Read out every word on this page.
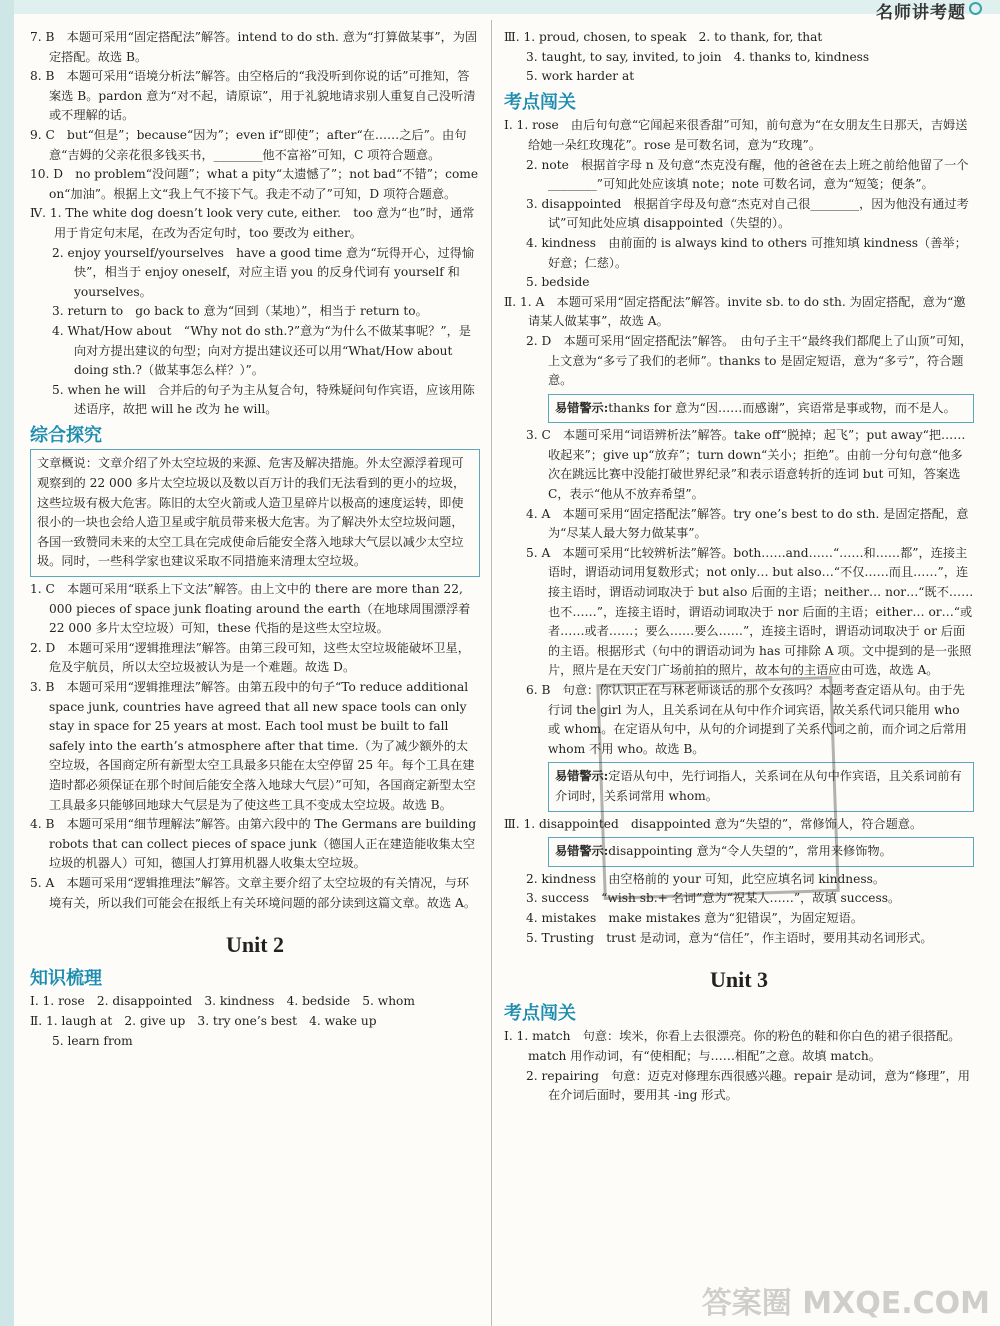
名师讲考题

7. B　本题可采用“固定搭配法”解答。intend to do sth. 意为“打算做某事”，为固定搭配。故选 B。

8. B　本题可采用“语境分析法”解答。由空格后的“我没听到你说的话”可推知，答案选 B。pardon 意为“对不起，请原谅”，用于礼貌地请求别人重复自己没听清或不理解的话。

9. C　but“但是”；because“因为”；even if“即使”；after“在……之后”。由句意“吉姆的父亲花很多钱买书，________他不富裕”可知，C 项符合题意。

10. D　no problem“没问题”；what a pity“太遗憾了”；not bad“不错”；come on“加油”。根据上文“我上气不接下气。我走不动了”可知，D 项符合题意。

Ⅳ. 1. The white dog doesn’t look very cute, either.　too 意为“也”时，通常用于肯定句末尾，在改为否定句时，too 要改为 either。

2. enjoy yourself/yourselves　have a good time 意为“玩得开心，过得愉快”，相当于 enjoy oneself，对应主语 you 的反身代词有 yourself 和 yourselves。

3. return to　go back to 意为“回到（某地）”，相当于 return to。

4. What/How about　“Why not do sth.?”意为“为什么不做某事呢？”，是向对方提出建议的句型；向对方提出建议还可以用“What/How about doing sth.?（做某事怎么样？）”。

5. when he will　合并后的句子为主从复合句，特殊疑问句作宾语，应该用陈述语序，故把 will he 改为 he will。

综合探究
文章概说：文章介绍了外太空垃圾的来源、危害及解决措施。外太空源浮着现可观察到的 22 000 多片太空垃圾以及数以百万计的我们无法看到的更小的垃圾，这些垃圾有极大危害。陈旧的太空火箭或人造卫星碎片以极高的速度运转，即使很小的一块也会给人造卫星或宇航员带来极大危害。为了解决外太空垃圾问题，各国一致赞同未来的太空工具在完成使命后能安全落入地球大气层以减少太空垃圾。同时，一些科学家也建议采取不同措施来清理太空垃圾。

1. C　本题可采用“联系上下文法”解答。由上文中的 there are more than 22, 000 pieces of space junk floating around the earth（在地球周围漂浮着 22 000 多片太空垃圾）可知，these 代指的是这些太空垃圾。

2. D　本题可采用“逻辑推理法”解答。由第三段可知，这些太空垃圾能破坏卫星，危及宇航员，所以太空垃圾被认为是一个难题。故选 D。

3. B　本题可采用“逻辑推理法”解答。由第五段中的句子“To reduce additional space junk, countries have agreed that all new space tools can only stay in space for 25 years at most. Each tool must be built to fall safely into the earth’s atmosphere after that time.（为了减少额外的太空垃圾，各国商定所有新型太空工具最多只能在太空停留 25 年。每个工具在建造时都必须保证在那个时间后能安全落入地球大气层）”可知，各国商定新型太空工具最多只能够回地球大气层是为了使这些工具不变成太空垃圾。故选 B。

4. B　本题可采用“细节理解法”解答。由第六段中的 The Germans are building robots that can collect pieces of space junk（德国人正在建造能收集太空垃圾的机器人）可知，德国人打算用机器人收集太空垃圾。

5. A　本题可采用“逻辑推理法”解答。文章主要介绍了太空垃圾的有关情况，与环境有关，所以我们可能会在报纸上有关环境问题的部分读到这篇文章。故选 A。

Unit 2
知识梳理

Ⅰ. 1. rose　2. disappointed　3. kindness　4. bedside　5. whom

Ⅱ. 1. laugh at　2. give up　3. try one’s best　4. wake up

5. learn from

Ⅲ. 1. proud, chosen, to speak　2. to thank, for, that

3. taught, to say, invited, to join　4. thanks to, kindness

5. work harder at

考点闯关

Ⅰ. 1. rose　由后句句意“它闻起来很香甜”可知，前句意为“在女朋友生日那天，吉姆送给她一朵红玫瑰花”。rose 是可数名词，意为“玫瑰”。

2. note　根据首字母 n 及句意“杰克没有醒，他的爸爸在去上班之前给他留了一个________”可知此处应该填 note；note 可数名词，意为“短笺；便条”。

3. disappointed　根据首字母及句意“杰克对自己很________，因为他没有通过考试”可知此处应填 disappointed（失望的）。

4. kindness　由前面的 is always kind to others 可推知填 kindness（善举；好意；仁慈）。

5. bedside

Ⅱ. 1. A　本题可采用“固定搭配法”解答。invite sb. to do sth. 为固定搭配，意为“邀请某人做某事”，故选 A。

2. D　本题可采用“固定搭配法”解答。　由句子主干“最终我们都爬上了山顶”可知，上文意为“多亏了我们的老师”。thanks to 是固定短语，意为“多亏”，符合题意。

易错警示:thanks for 意为“因……而感谢”，宾语常是事或物，而不是人。

3. C　本题可采用“词语辨析法”解答。take off“脱掉；起飞”；put away“把……收起来”；give up“放弃”；turn down“关小；拒绝”。由前一分句句意“他多次在跳远比赛中没能打破世界纪录”和表示语意转折的连词 but 可知，答案选 C，表示“他从不放弃希望”。

4. A　本题可采用“固定搭配法”解答。try one’s best to do sth. 是固定搭配，意为“尽某人最大努力做某事”。

5. A　本题可采用“比较辨析法”解答。both……and……“……和……都”，连接主语时，谓语动词用复数形式；not only… but also…“不仅……而且……”，连接主语时，谓语动词取决于 but also 后面的主语；neither… nor…“既不……也不……”，连接主语时，谓语动词取决于 nor 后面的主语；either… or…“或者……或者……；要么……要么……”，连接主语时，谓语动词取决于 or 后面的主语。根据形式（句中的谓语动词为 has 可排除 A 项。文中提到的是一张照片，照片是在天安门广场前拍的照片，故本句的主语应由可选，故选 A。

6. B　句意：你认识正在与林老师谈话的那个女孩吗？本题考查定语从句。由于先行词 the girl 为人，且关系词在从句中作介词宾语，故关系代词只能用 who 或 whom。在定语从句中，从句的介词提到了关系代词之前，而介词之后常用 whom 不用 who。故选 B。

易错警示:定语从句中，先行词指人，关系词在从句中作宾语，且关系词前有介词时，关系词常用 whom。

Ⅲ. 1. disappointed　disappointed 意为“失望的”，常修饰人，符合题意。

易错警示:disappointing 意为“令人失望的”，常用来修饰物。

2. kindness　由空格前的 your 可知，此空应填名词 kindness。

3. success　“wish sb.+ 名词”意为“祝某人……”，故填 success。

4. mistakes　make mistakes 意为“犯错误”，为固定短语。

5. Trusting　trust 是动词，意为“信任”，作主语时，要用其动名词形式。

Unit 3
考点闯关

Ⅰ. 1. match　句意：埃米，你看上去很漂亮。你的粉色的鞋和你白色的裙子很搭配。match 用作动词，有“使相配；与……相配”之意。故填 match。

2. repairing　句意：迈克对修理东西很感兴趣。repair 是动词，意为“修理”，用在介词后面时，要用其 -ing 形式。

答案圈 MXQE.COM
